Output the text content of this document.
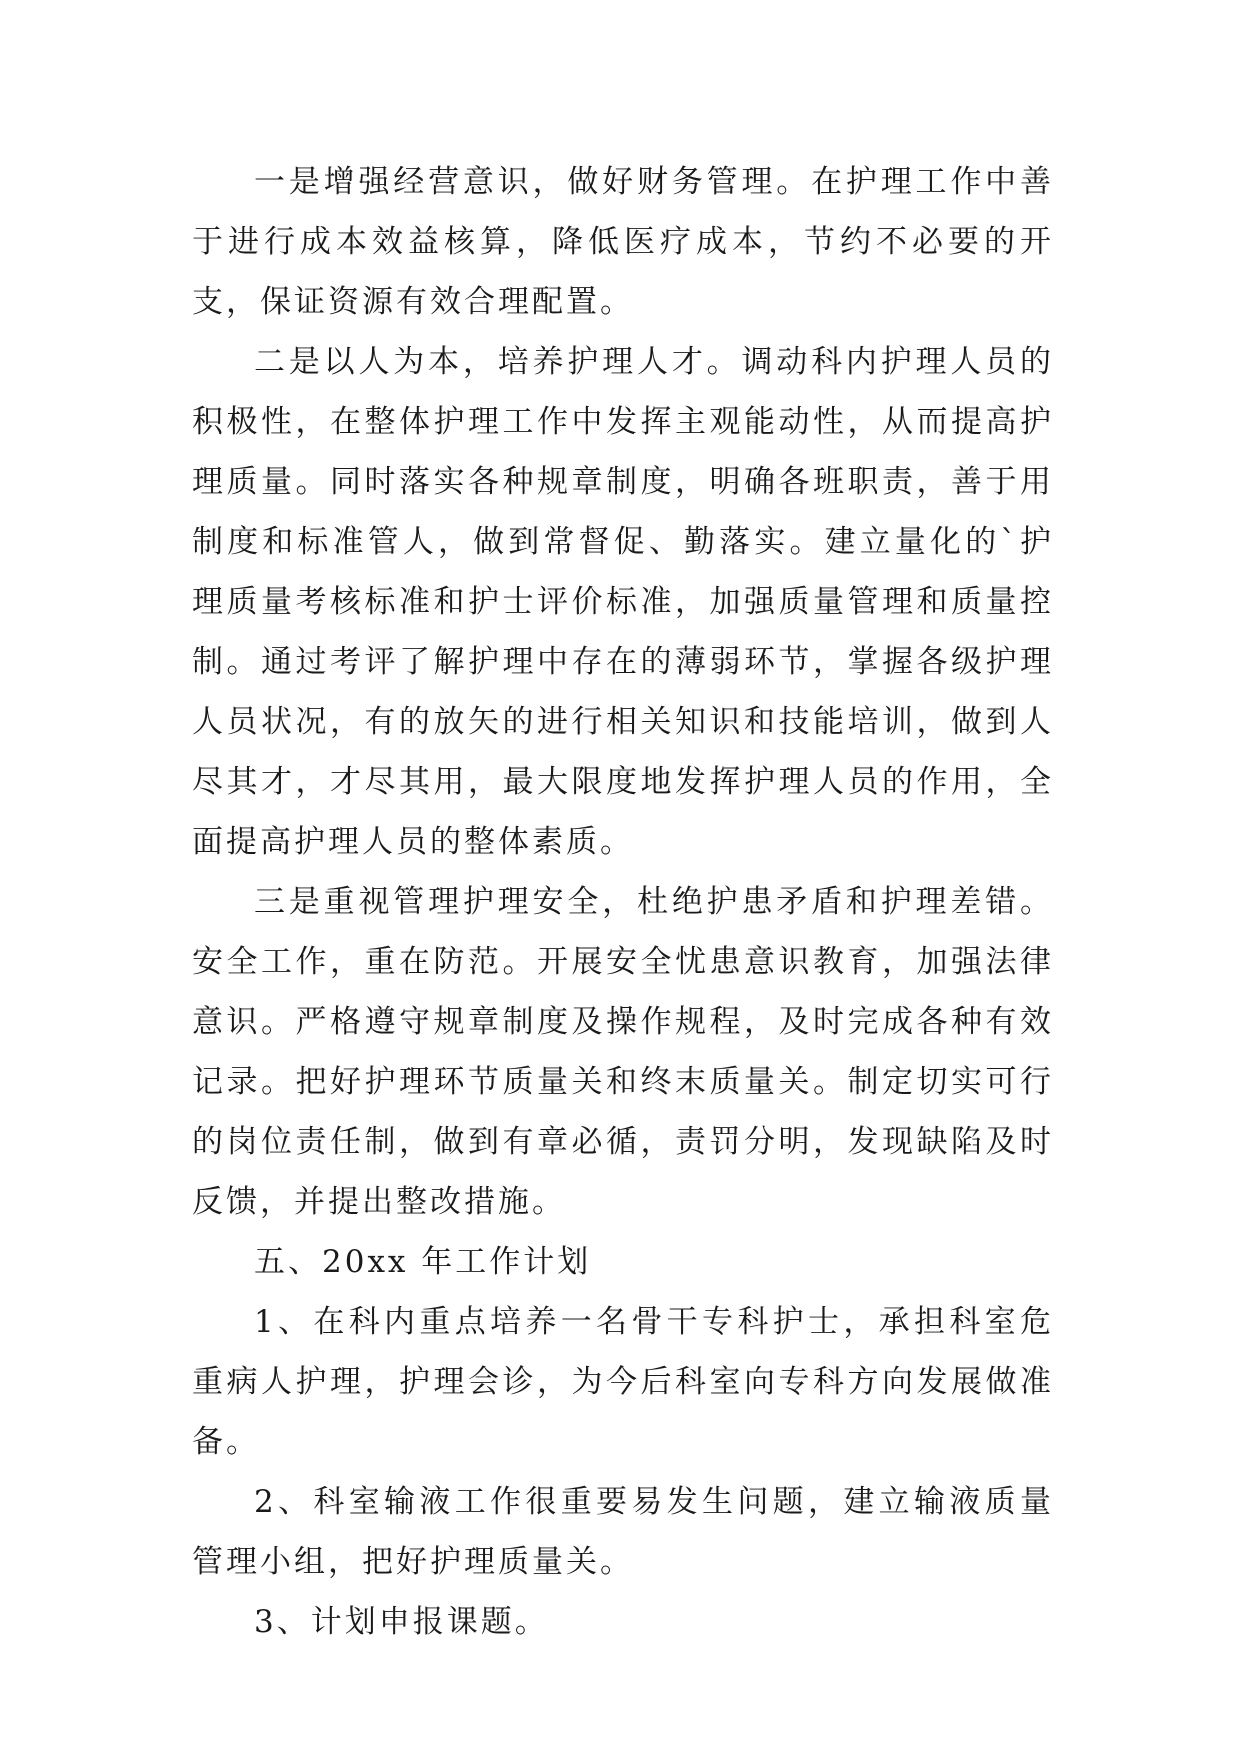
一是增强经营意识，做好财务管理。在护理工作中善于进行成本效益核算，降低医疗成本，节约不必要的开支，保证资源有效合理配置。

二是以人为本，培养护理人才。调动科内护理人员的积极性，在整体护理工作中发挥主观能动性，从而提高护理质量。同时落实各种规章制度，明确各班职责，善于用制度和标准管人，做到常督促、勤落实。建立量化的`护理质量考核标准和护士评价标准，加强质量管理和质量控制。通过考评了解护理中存在的薄弱环节，掌握各级护理人员状况，有的放矢的进行相关知识和技能培训，做到人尽其才，才尽其用，最大限度地发挥护理人员的作用，全面提高护理人员的整体素质。

三是重视管理护理安全，杜绝护患矛盾和护理差错。安全工作，重在防范。开展安全忧患意识教育，加强法律意识。严格遵守规章制度及操作规程，及时完成各种有效记录。把好护理环节质量关和终末质量关。制定切实可行的岗位责任制，做到有章必循，责罚分明，发现缺陷及时反馈，并提出整改措施。

五、20xx 年工作计划

1、在科内重点培养一名骨干专科护士，承担科室危重病人护理，护理会诊，为今后科室向专科方向发展做准备。

2、科室输液工作很重要易发生问题，建立输液质量管理小组，把好护理质量关。

3、计划申报课题。
